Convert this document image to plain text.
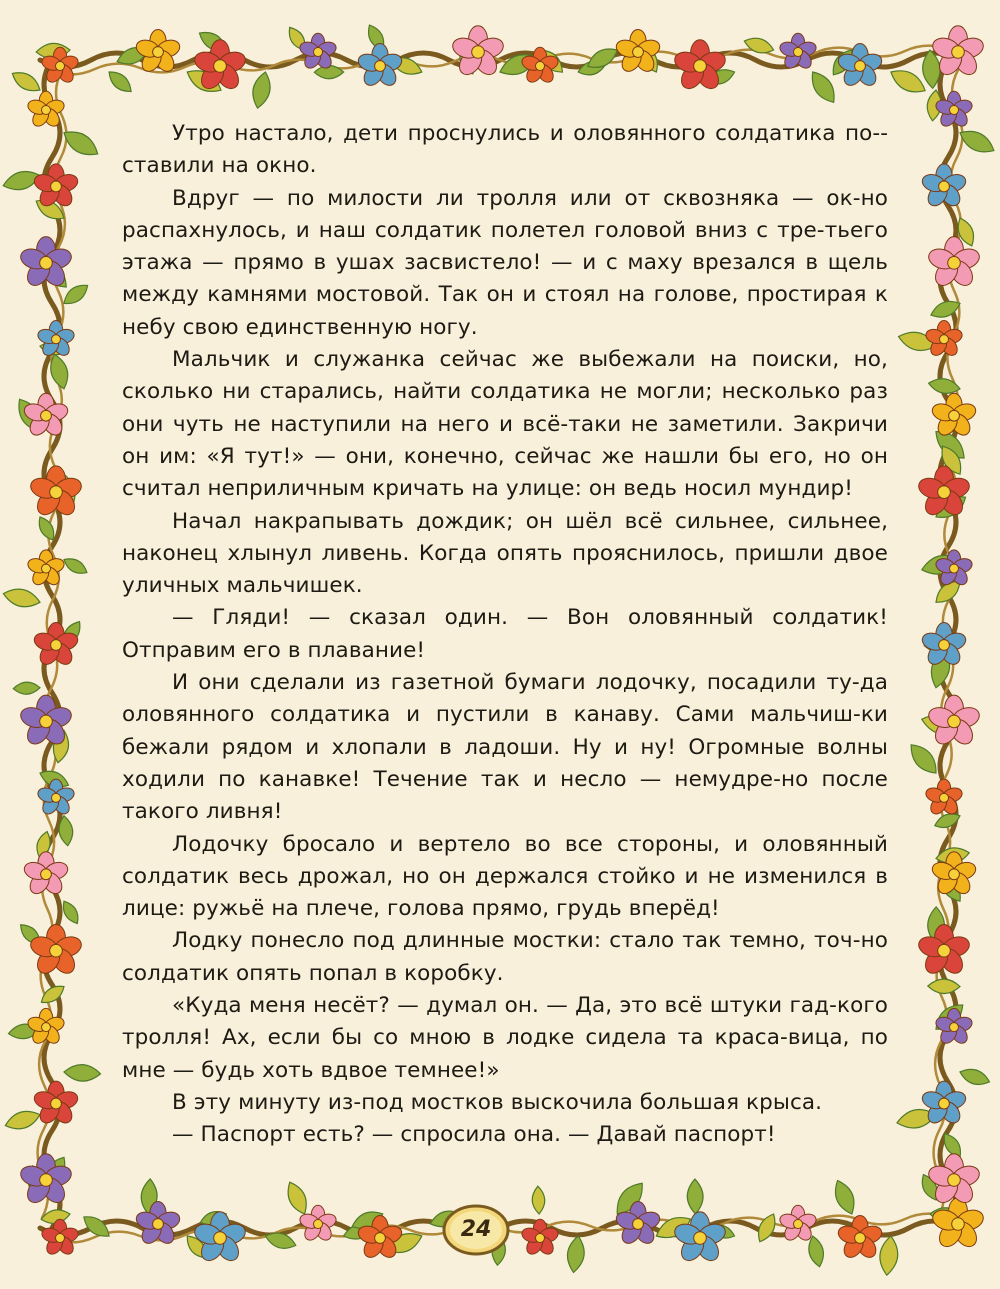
Утро настало, дети проснулись и оловянного солдатика по-ставили на окно.

Вдруг — по милости ли тролля или от сквозняка — ок-но распахнулось, и наш солдатик полетел головой вниз с тре-тьего этажа — прямо в ушах засвистело! — и с маху врезался в щель между камнями мостовой. Так он и стоял на голове, простирая к небу свою единственную ногу.

Мальчик и служанка сейчас же выбежали на поиски, но, сколько ни старались, найти солдатика не могли; несколько раз они чуть не наступили на него и всё-таки не заметили. Закричи он им: «Я тут!» — они, конечно, сейчас же нашли бы его, но он считал неприличным кричать на улице: он ведь носил мундир!

Начал накрапывать дождик; он шёл всё сильнее, сильнее, наконец хлынул ливень. Когда опять прояснилось, пришли двое уличных мальчишек.

— Гляди! — сказал один. — Вон оловянный солдатик! Отправим его в плавание!

И они сделали из газетной бумаги лодочку, посадили ту-да оловянного солдатика и пустили в канаву. Сами мальчиш-ки бежали рядом и хлопали в ладоши. Ну и ну! Огромные волны ходили по канавке! Течение так и несло — немудре-но после такого ливня!

Лодочку бросало и вертело во все стороны, и оловянный солдатик весь дрожал, но он держался стойко и не изменился в лице: ружьё на плече, голова прямо, грудь вперёд!

Лодку понесло под длинные мостки: стало так темно, точ-но солдатик опять попал в коробку.

«Куда меня несёт? — думал он. — Да, это всё штуки гад-кого тролля! Ах, если бы со мною в лодке сидела та краса-вица, по мне — будь хоть вдвое темнее!»

В эту минуту из-под мостков выскочила большая крыса.

— Паспорт есть? — спросила она. — Давай паспорт!

24
